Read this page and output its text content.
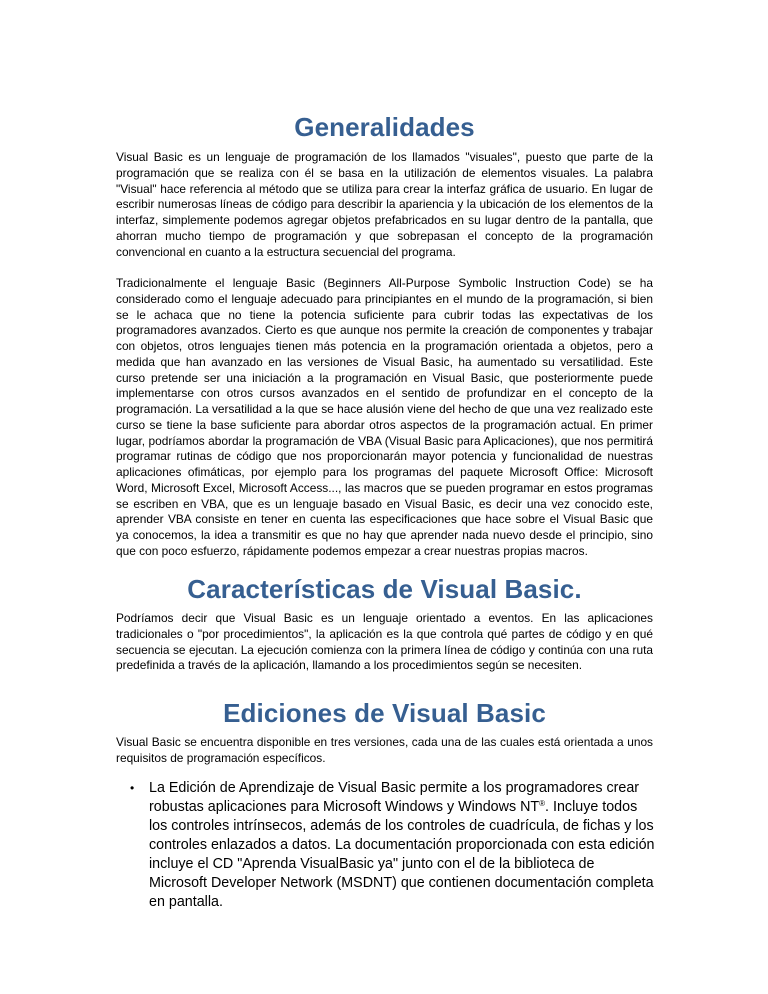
Generalidades

Visual Basic es un lenguaje de programación de los llamados "visuales", puesto que parte de la programación que se realiza con él se basa en la utilización de elementos visuales. La palabra "Visual" hace referencia al método que se utiliza para crear la interfaz gráfica de usuario. En lugar de escribir numerosas líneas de código para describir la apariencia y la ubicación de los elementos de la interfaz, simplemente podemos agregar objetos prefabricados en su lugar dentro de la pantalla, que ahorran mucho tiempo de programación y que sobrepasan el concepto de la programación convencional en cuanto a la estructura secuencial del programa.

Tradicionalmente el lenguaje Basic (Beginners All-Purpose Symbolic Instruction Code) se ha considerado como el lenguaje adecuado para principiantes en el mundo de la programación, si bien se le achaca que no tiene la potencia suficiente para cubrir todas las expectativas de los programadores avanzados. Cierto es que aunque nos permite la creación de componentes y trabajar con objetos, otros lenguajes tienen más potencia en la programación orientada a objetos, pero a medida que han avanzado en las versiones de Visual Basic, ha aumentado su versatilidad. Este curso pretende ser una iniciación a la programación en Visual Basic, que posteriormente puede implementarse con otros cursos avanzados en el sentido de profundizar en el concepto de la programación. La versatilidad a la que se hace alusión viene del hecho de que una vez realizado este curso se tiene la base suficiente para abordar otros aspectos de la programación actual. En primer lugar, podríamos abordar la programación de VBA (Visual Basic para Aplicaciones), que nos permitirá programar rutinas de código que nos proporcionarán mayor potencia y funcionalidad de nuestras aplicaciones ofimáticas, por ejemplo para los programas del paquete Microsoft Office: Microsoft Word, Microsoft Excel, Microsoft Access..., las macros que se pueden programar en estos programas se escriben en VBA, que es un lenguaje basado en Visual Basic, es decir una vez conocido este, aprender VBA consiste en tener en cuenta las especificaciones que hace sobre el Visual Basic que ya conocemos, la idea a transmitir es que no hay que aprender nada nuevo desde el principio, sino que con poco esfuerzo, rápidamente podemos empezar a crear nuestras propias macros.

Características de Visual Basic.

Podríamos decir que Visual Basic es un lenguaje orientado a eventos. En las aplicaciones tradicionales o "por procedimientos", la aplicación es la que controla qué partes de código y en qué secuencia se ejecutan. La ejecución comienza con la primera línea de código y continúa con una ruta predefinida a través de la aplicación, llamando a los procedimientos según se necesiten.

Ediciones de Visual Basic

Visual Basic se encuentra disponible en tres versiones, cada una de las cuales está orientada a unos requisitos de programación específicos.

• La Edición de Aprendizaje de Visual Basic permite a los programadores crear robustas aplicaciones para Microsoft Windows y Windows NT®. Incluye todos los controles intrínsecos, además de los controles de cuadrícula, de fichas y los controles enlazados a datos. La documentación proporcionada con esta edición incluye el CD "Aprenda VisualBasic ya" junto con el de la biblioteca de Microsoft Developer Network (MSDNT) que contienen documentación completa en pantalla.
